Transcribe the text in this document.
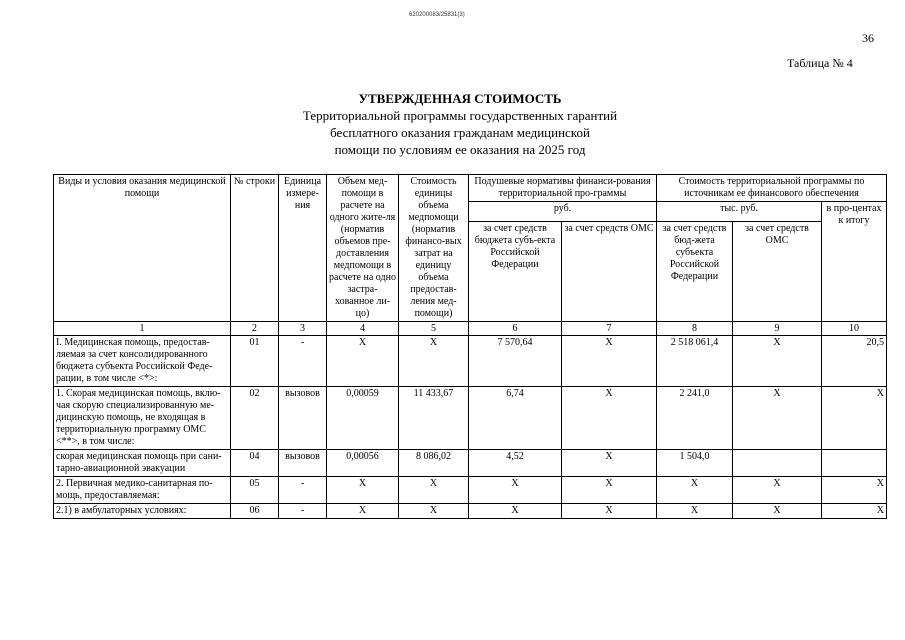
620200083/25831(3)
36
Таблица № 4
УТВЕРЖДЕННАЯ СТОИМОСТЬ
Территориальной программы государственных гарантий
бесплатного оказания гражданам медицинской
помощи по условиям ее оказания на 2025 год
Виды и условия оказания медицинской помощи	№ строки	Единица измере-ния	Объем мед-помощи в расчете на одного жите-ля (норматив объемов пре-доставления медпомощи в расчете на одно застра-хованное ли-цо)	Стоимость единицы объема медпомощи (норматив финансо-вых затрат на единицу объема предостав-ления мед-помощи)	Подушевые нормативы финанси-рования территориальной про-граммы		Стоимость территориальной программы по источникам ее финансового обеспечения		
					руб.		тыс. руб.		в про-центах к итогу
					за счет средств бюджета субъ-екта Российской Федерации	за счет средств ОМС	за счет средств бюд-жета субъекта Российской Федерации	за счет средств ОМС	
1	2	3	4	5	6	7	8	9	10
I. Медицинская помощь, предостав-ляемая за счет консолидированного бюджета субъекта Российской Феде-рации, в том числе <*>:	01	-	X	X	7 570,64	X	2 518 061,4	X	20,5
1. Скорая медицинская помощь, вклю-чая скорую специализированную ме-дицинскую помощь, не входящая в территориальную программу ОМС <**>, в том числе:	02	вызовов	0,00059	11 433,67	6,74	X	2 241,0	X	X
скорая медицинская помощь при сани-тарно-авиационной эвакуации	04	вызовов	0,00056	8 086,02	4,52	X	1 504,0		
2. Первичная медико-санитарная по-мощь, предоставляемая:	05	-	X	X	X	X	X	X	X
2.1) в амбулаторных условиях:	06	-	X	X	X	X	X	X	X
